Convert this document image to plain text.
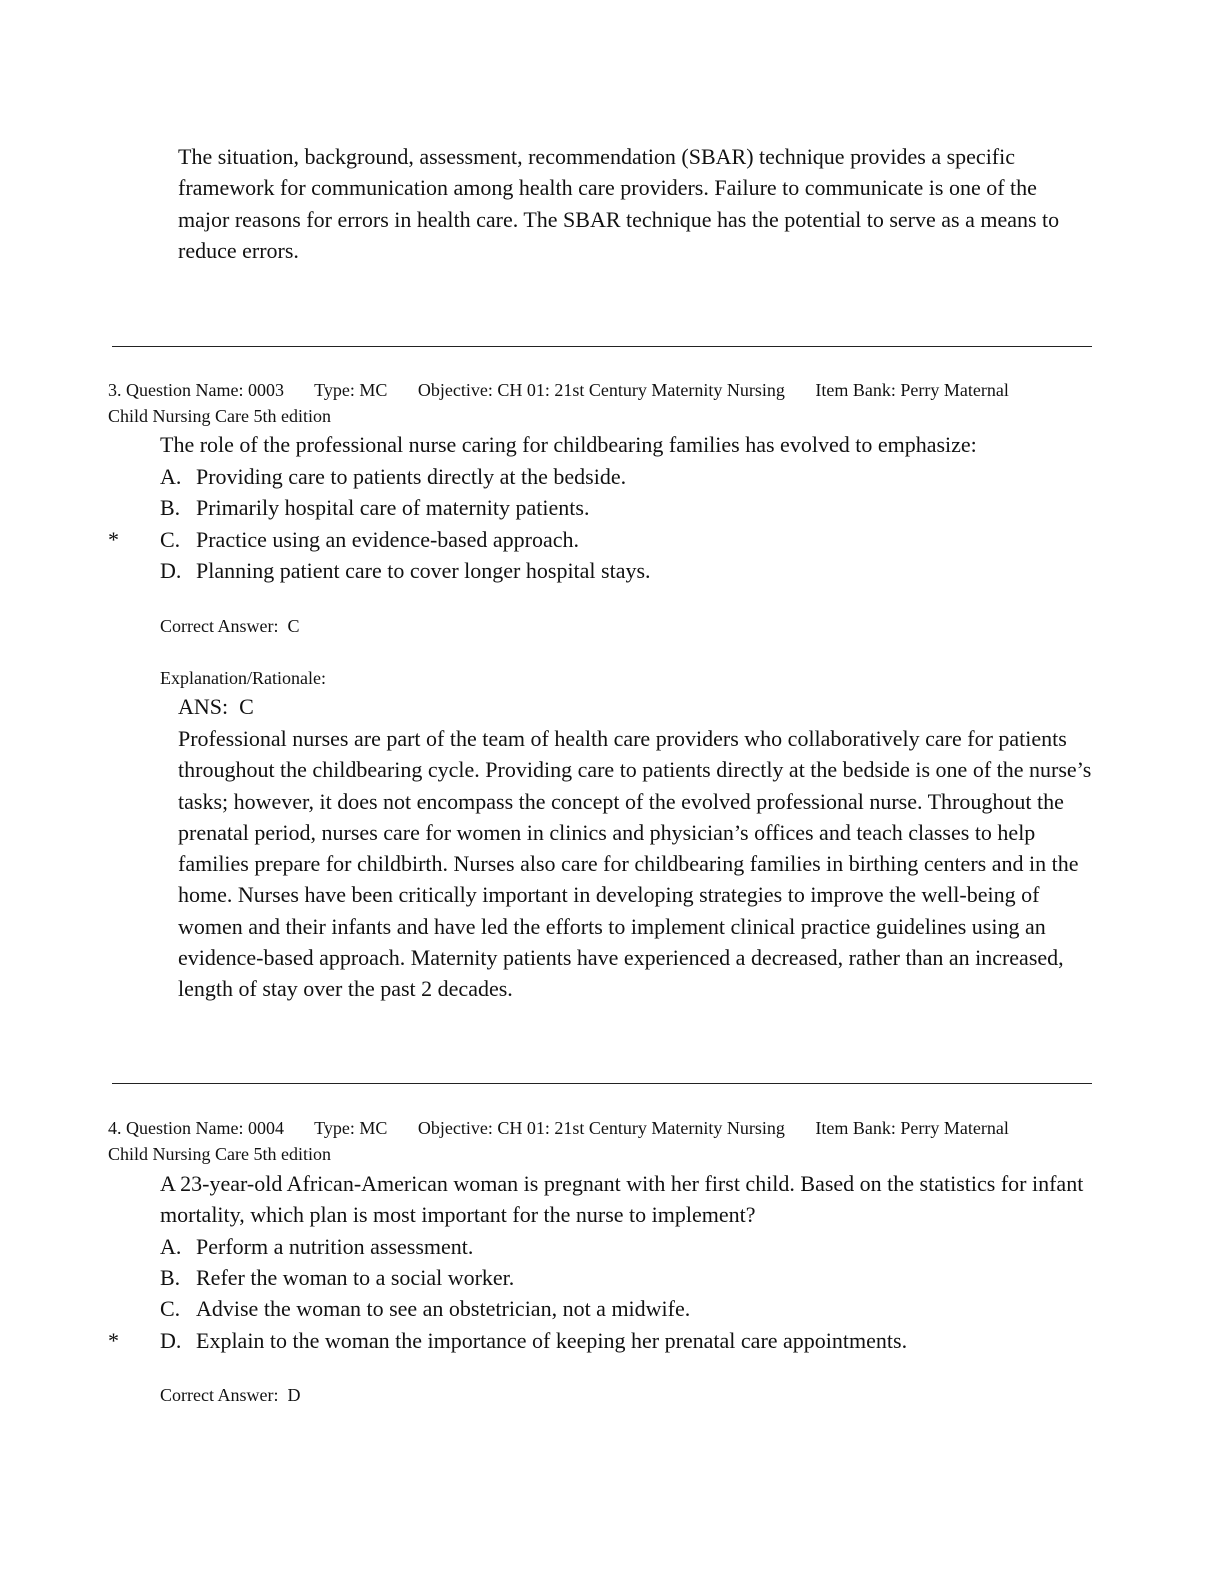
The situation, background, assessment, recommendation (SBAR) technique provides a specific framework for communication among health care providers. Failure to communicate is one of the major reasons for errors in health care. The SBAR technique has the potential to serve as a means to reduce errors.
3. Question Name: 0003 Type: MC Objective: CH 01: 21st Century Maternity Nursing Item Bank: Perry Maternal
Child Nursing Care 5th edition
The role of the professional nurse caring for childbearing families has evolved to emphasize:
A. Providing care to patients directly at the bedside.
B. Primarily hospital care of maternity patients.
* C. Practice using an evidence-based approach.
D. Planning patient care to cover longer hospital stays.
Correct Answer: C
Explanation/Rationale:
ANS:  C
Professional nurses are part of the team of health care providers who collaboratively care for patients throughout the childbearing cycle. Providing care to patients directly at the bedside is one of the nurse’s tasks; however, it does not encompass the concept of the evolved professional nurse. Throughout the prenatal period, nurses care for women in clinics and physician’s offices and teach classes to help families prepare for childbirth. Nurses also care for childbearing families in birthing centers and in the home. Nurses have been critically important in developing strategies to improve the well-being of women and their infants and have led the efforts to implement clinical practice guidelines using an evidence-based approach. Maternity patients have experienced a decreased, rather than an increased, length of stay over the past 2 decades.
4. Question Name: 0004 Type: MC Objective: CH 01: 21st Century Maternity Nursing Item Bank: Perry Maternal
Child Nursing Care 5th edition
A 23-year-old African-American woman is pregnant with her first child. Based on the statistics for infant mortality, which plan is most important for the nurse to implement?
A. Perform a nutrition assessment.
B. Refer the woman to a social worker.
C. Advise the woman to see an obstetrician, not a midwife.
* D. Explain to the woman the importance of keeping her prenatal care appointments.
Correct Answer: D
